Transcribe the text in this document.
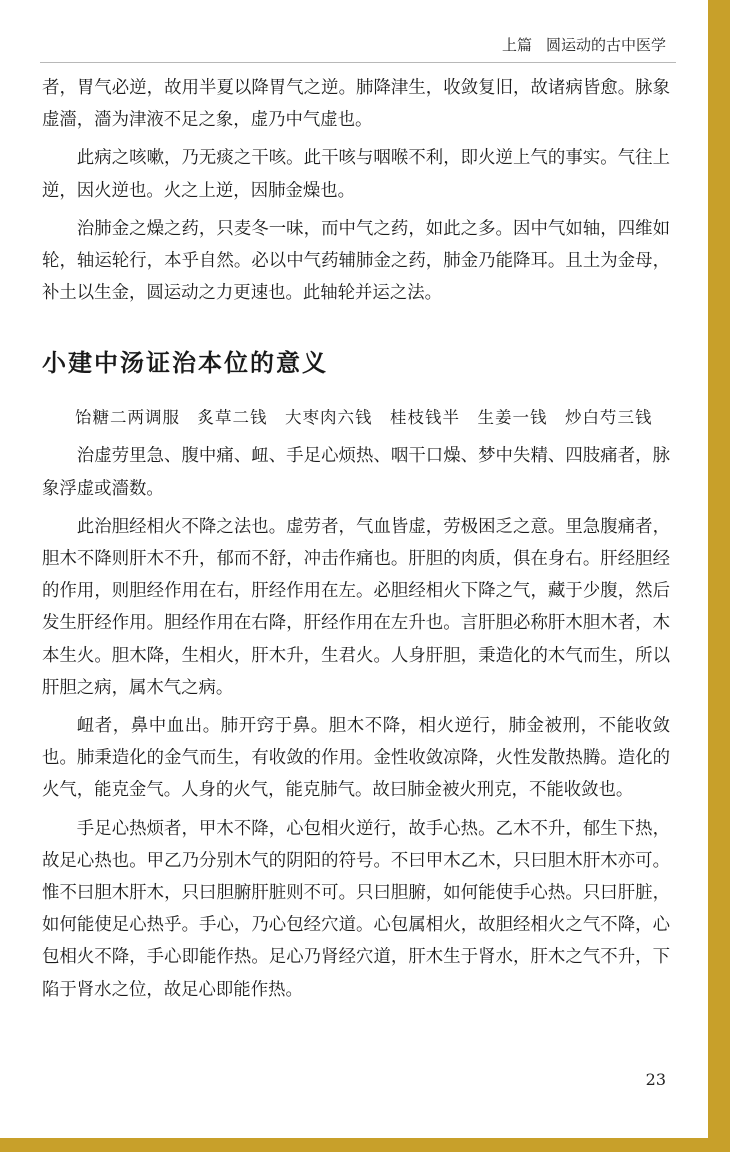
上篇 圆运动的古中医学

者，胃气必逆，故用半夏以降胃气之逆。肺降津生，收敛复旧，故诸病皆愈。脉象虚濇，濇为津液不足之象，虚乃中气虚也。

此病之咳嗽，乃无痰之干咳。此干咳与咽喉不利，即火逆上气的事实。气往上逆，因火逆也。火之上逆，因肺金燥也。

治肺金之燥之药，只麦冬一味，而中气之药，如此之多。因中气如轴，四维如轮，轴运轮行，本乎自然。必以中气药辅肺金之药，肺金乃能降耳。且土为金母，补土以生金，圆运动之力更速也。此轴轮并运之法。

小建中汤证治本位的意义

饴糖二两调服　炙草二钱　大枣肉六钱　桂枝钱半　生姜一钱　炒白芍三钱

治虚劳里急、腹中痛、衄、手足心烦热、咽干口燥、梦中失精、四肢痛者，脉象浮虚或濇数。

此治胆经相火不降之法也。虚劳者，气血皆虚，劳极困乏之意。里急腹痛者，胆木不降则肝木不升，郁而不舒，冲击作痛也。肝胆的肉质，俱在身右。肝经胆经的作用，则胆经作用在右，肝经作用在左。必胆经相火下降之气，藏于少腹，然后发生肝经作用。胆经作用在右降，肝经作用在左升也。言肝胆必称肝木胆木者，木本生火。胆木降，生相火，肝木升，生君火。人身肝胆，秉造化的木气而生，所以肝胆之病，属木气之病。

衄者，鼻中血出。肺开窍于鼻。胆木不降，相火逆行，肺金被刑，不能收敛也。肺秉造化的金气而生，有收敛的作用。金性收敛凉降，火性发散热腾。造化的火气，能克金气。人身的火气，能克肺气。故曰肺金被火刑克，不能收敛也。

手足心热烦者，甲木不降，心包相火逆行，故手心热。乙木不升，郁生下热，故足心热也。甲乙乃分别木气的阴阳的符号。不曰甲木乙木，只曰胆木肝木亦可。惟不曰胆木肝木，只曰胆腑肝脏则不可。只曰胆腑，如何能使手心热。只曰肝脏，如何能使足心热乎。手心，乃心包经穴道。心包属相火，故胆经相火之气不降，心包相火不降，手心即能作热。足心乃肾经穴道，肝木生于肾水，肝木之气不升，下陷于肾水之位，故足心即能作热。

23
